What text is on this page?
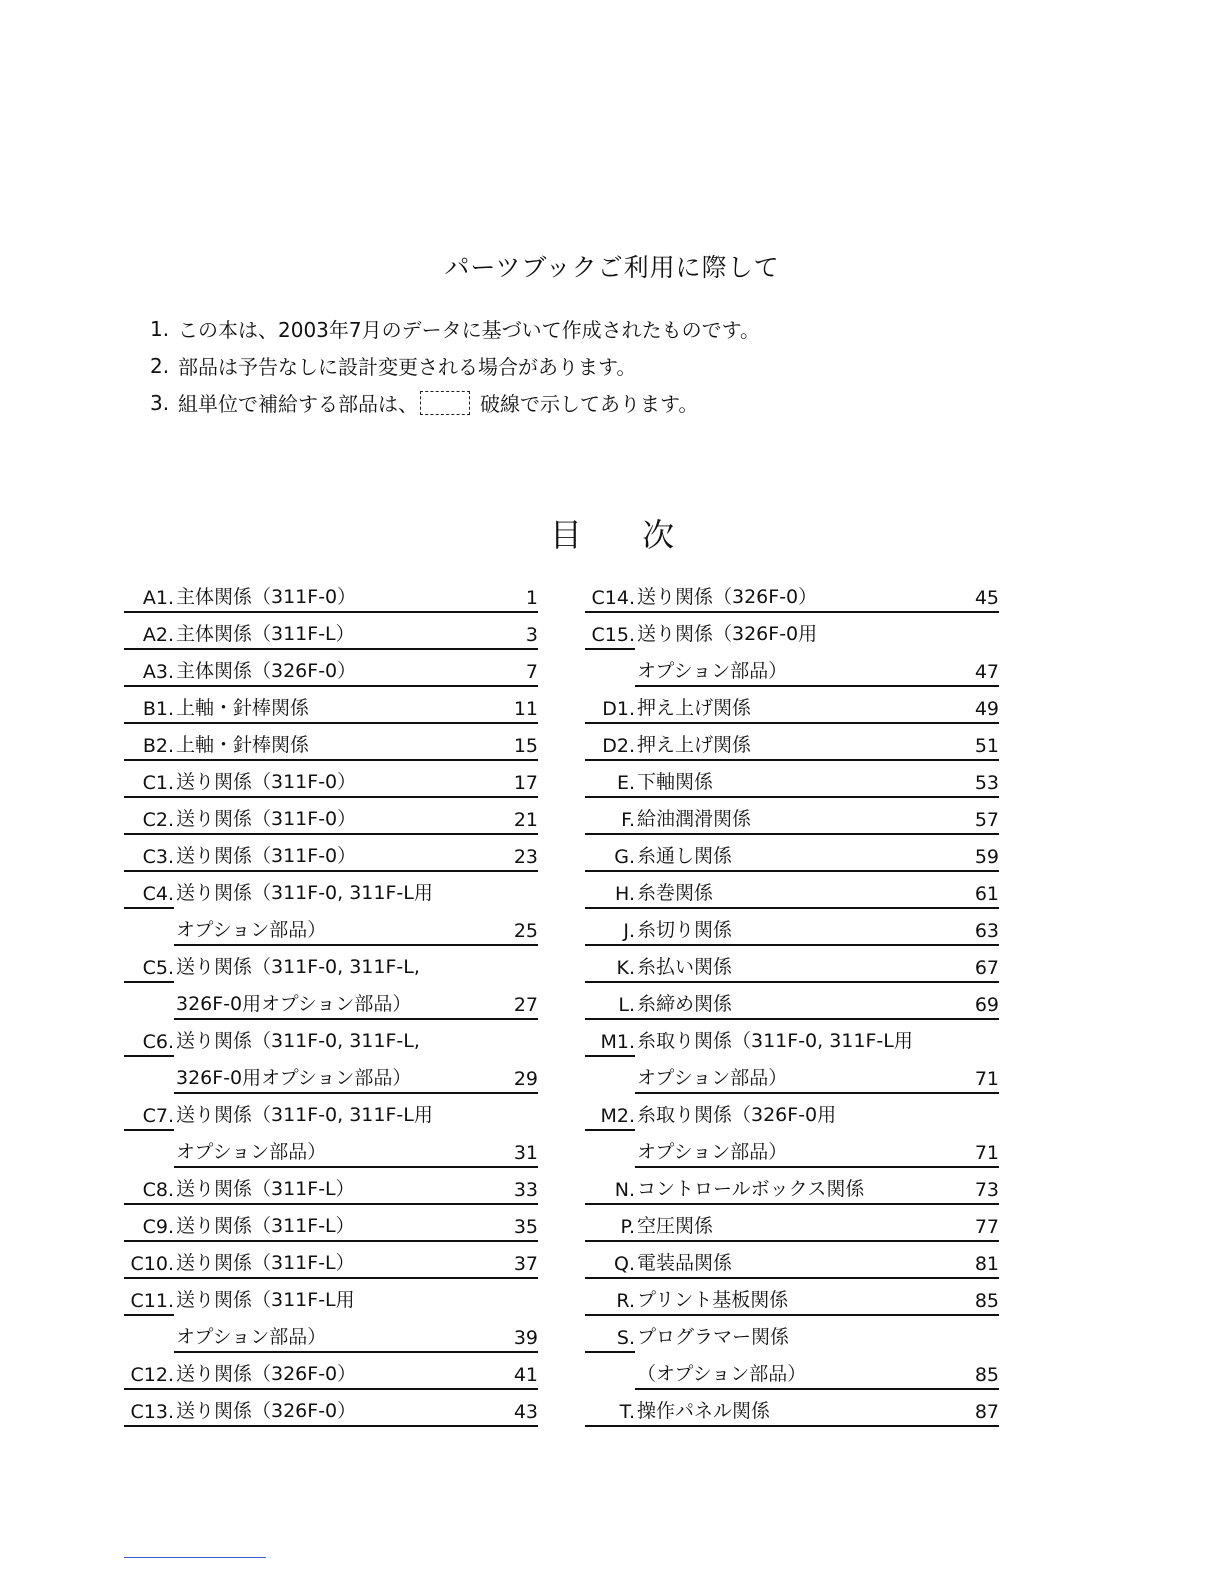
パーツブックご利用に際して
1. この本は、2003年7月のデータに基づいて作成されたものです。
2. 部品は予告なしに設計変更される場合があります。
3. 組単位で補給する部品は、	破線で示してあります。
目 次
A1. 主体関係（311F-0）	1
A2. 主体関係（311F-L）	3
A3. 主体関係（326F-0）	7
B1. 上軸・針棒関係	11
B2. 上軸・針棒関係	15
C1. 送り関係（311F-0）	17
C2. 送り関係（311F-0）	21
C3. 送り関係（311F-0）	23
C4. 送り関係（311F-0, 311F-L用
オプション部品）	25
C5. 送り関係（311F-0, 311F-L,
326F-0用オプション部品）	27
C6. 送り関係（311F-0, 311F-L,
326F-0用オプション部品）	29
C7. 送り関係（311F-0, 311F-L用
オプション部品）	31
C8. 送り関係（311F-L）	33
C9. 送り関係（311F-L）	35
C10. 送り関係（311F-L）	37
C11. 送り関係（311F-L用
オプション部品）	39
C12. 送り関係（326F-0）	41
C13. 送り関係（326F-0）	43
C14. 送り関係（326F-0）	45
C15. 送り関係（326F-0用
オプション部品）	47
D1. 押え上げ関係	49
D2. 押え上げ関係	51
E. 下軸関係	53
F. 給油潤滑関係	57
G. 糸通し関係	59
H. 糸巻関係	61
J. 糸切り関係	63
K. 糸払い関係	67
L. 糸締め関係	69
M1. 糸取り関係（311F-0, 311F-L用
オプション部品）	71
M2. 糸取り関係（326F-0用
オプション部品）	71
N. コントロールボックス関係	73
P. 空圧関係	77
Q. 電装品関係	81
R. プリント基板関係	85
S. プログラマー関係
（オプション部品）	85
T. 操作パネル関係	87
